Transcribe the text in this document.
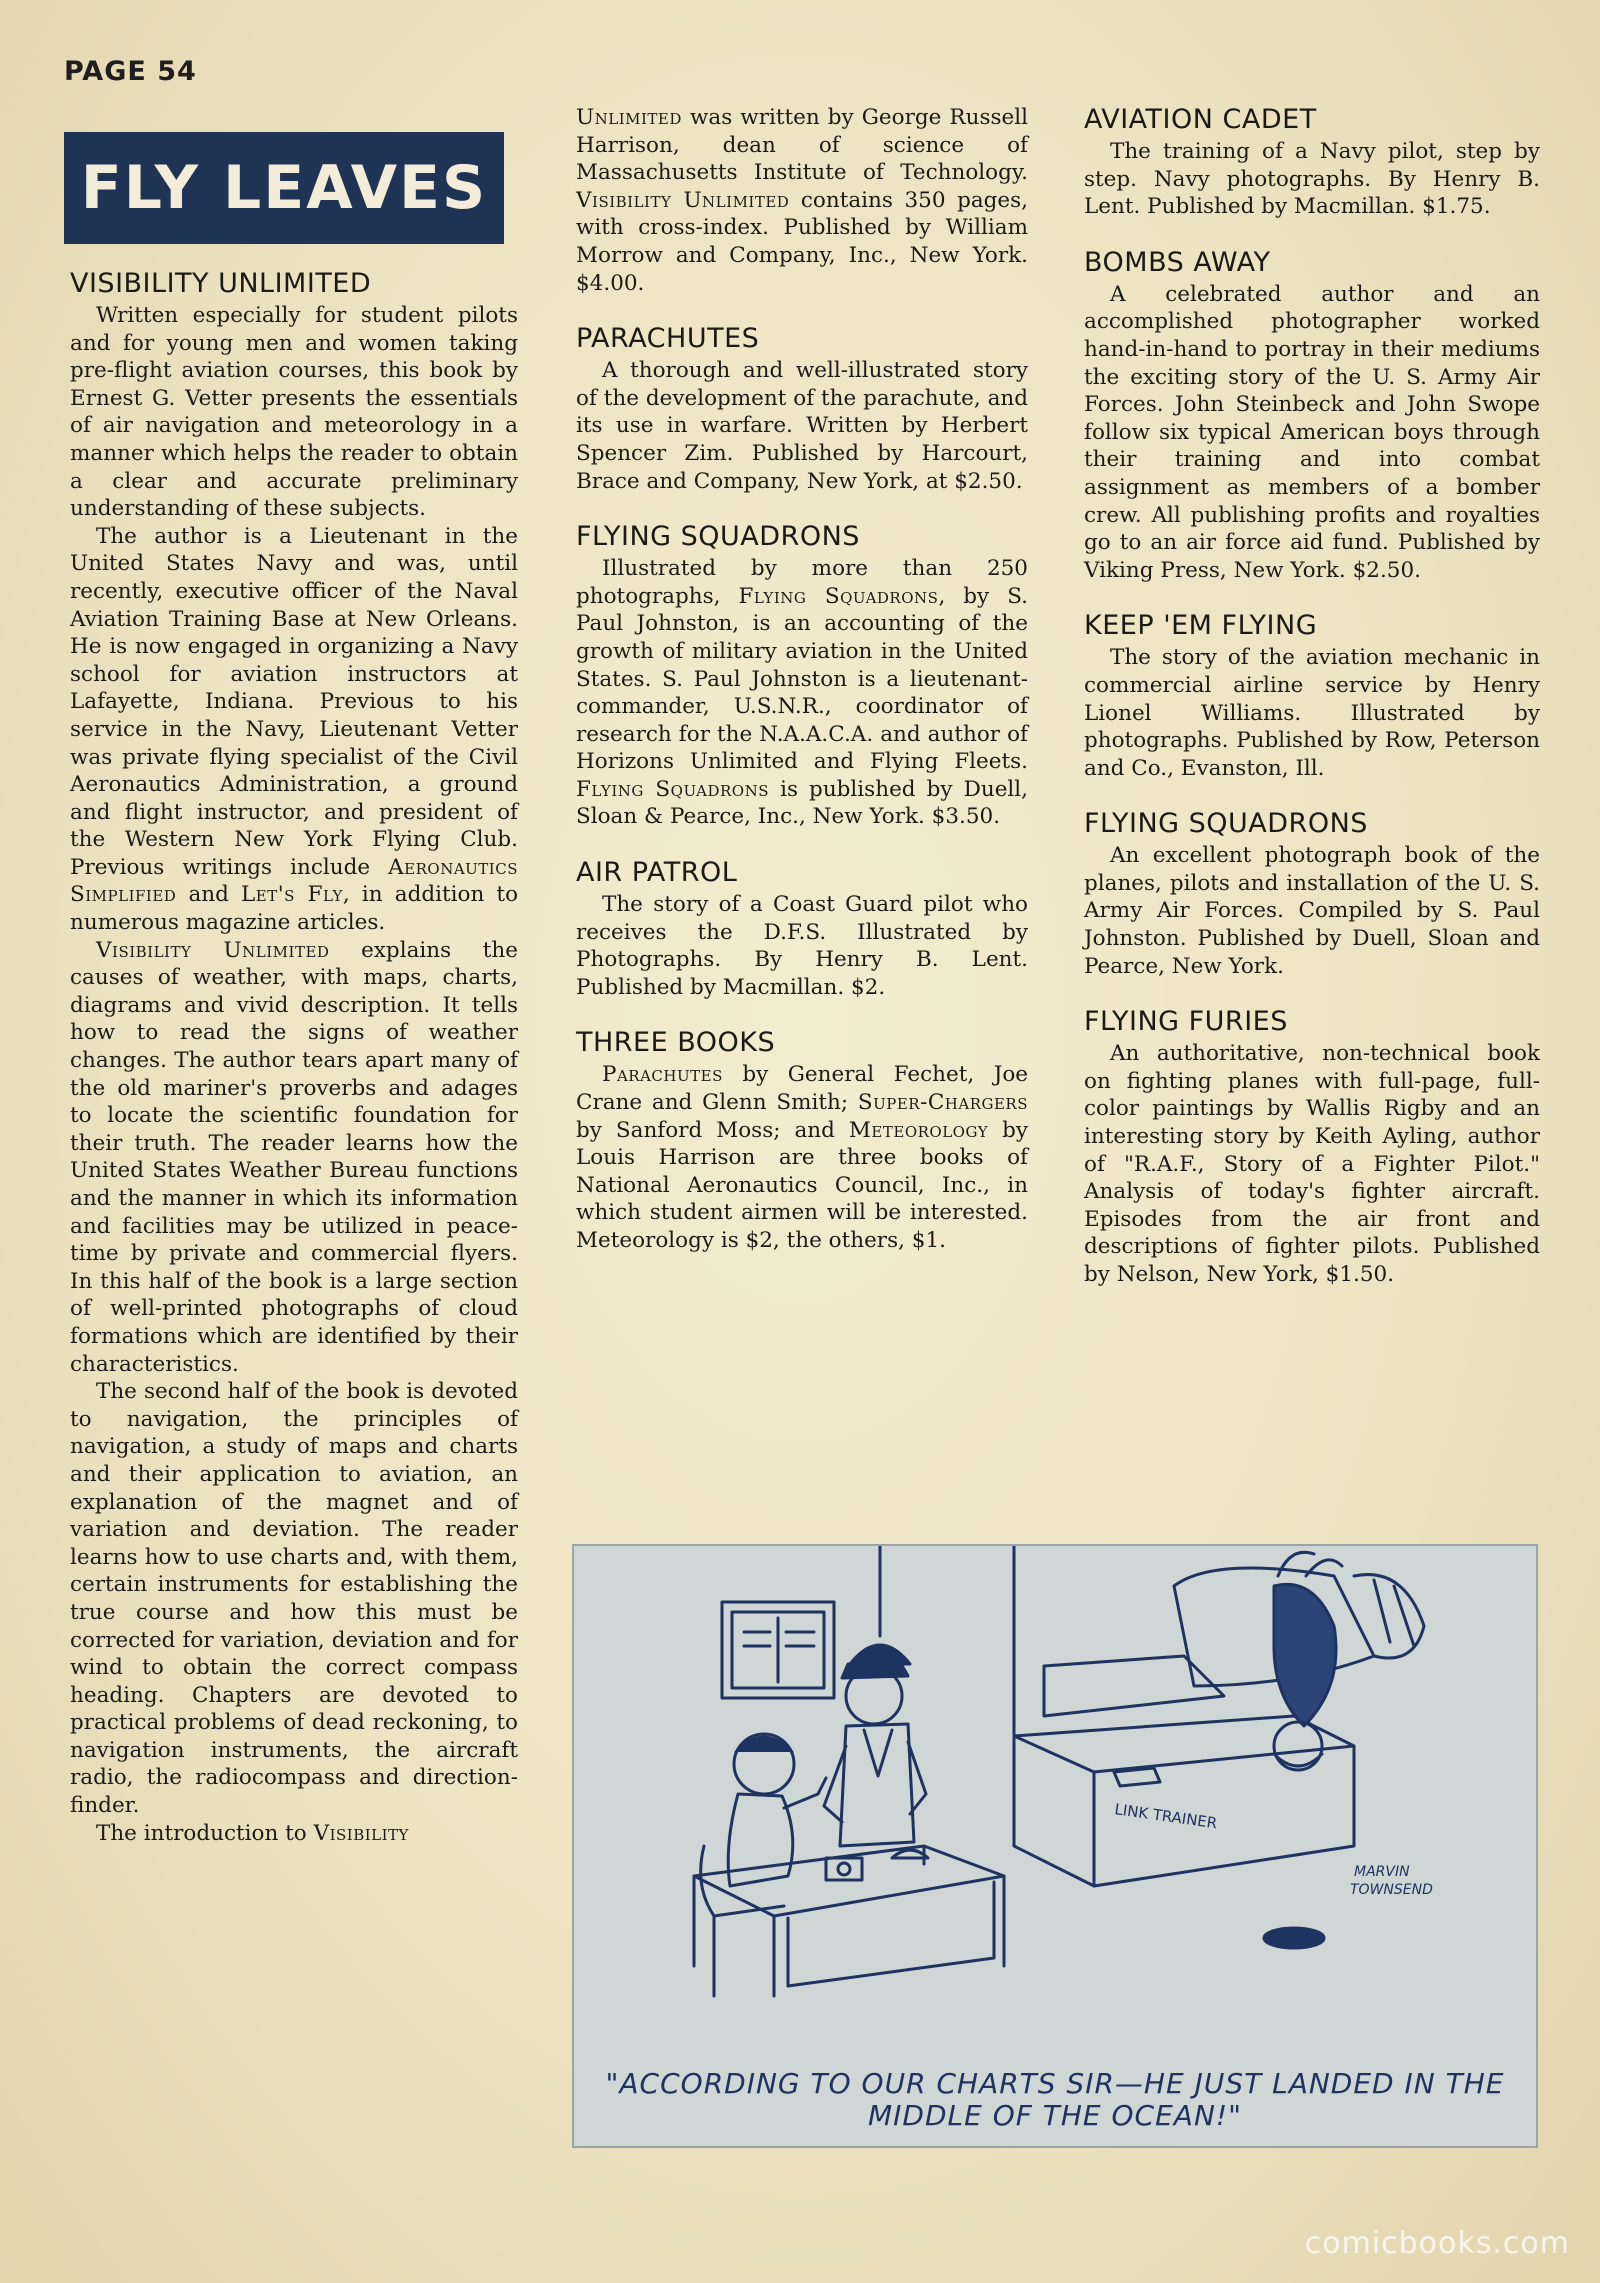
PAGE 54
FLY LEAVES
VISIBILITY UNLIMITED

Written especially for student pilots and for young men and women taking pre-flight aviation courses, this book by Ernest G. Vetter presents the essentials of air navigation and meteorology in a manner which helps the reader to obtain a clear and accurate preliminary understanding of these subjects.

The author is a Lieutenant in the United States Navy and was, until recently, executive officer of the Naval Aviation Training Base at New Orleans. He is now engaged in organizing a Navy school for aviation instructors at Lafayette, Indiana. Previous to his service in the Navy, Lieutenant Vetter was private flying specialist of the Civil Aeronautics Administration, a ground and flight instructor, and president of the Western New York Flying Club. Previous writings include Aeronautics Simplified and Let's Fly, in addition to numerous magazine articles.

Visibility Unlimited explains the causes of weather, with maps, charts, diagrams and vivid description. It tells how to read the signs of weather changes. The author tears apart many of the old mariner's proverbs and adages to locate the scientific foundation for their truth. The reader learns how the United States Weather Bureau functions and the manner in which its information and facilities may be utilized in peace-time by private and commercial flyers. In this half of the book is a large section of well-printed photographs of cloud formations which are identified by their characteristics.

The second half of the book is devoted to navigation, the principles of navigation, a study of maps and charts and their application to aviation, an explanation of the magnet and of variation and deviation. The reader learns how to use charts and, with them, certain instruments for establishing the true course and how this must be corrected for variation, deviation and for wind to obtain the correct compass heading. Chapters are devoted to practical problems of dead reckoning, to navigation instruments, the aircraft radio, the radiocompass and direction-finder.

The introduction to Visibility

Unlimited was written by George Russell Harrison, dean of science of Massachusetts Institute of Technology. Visibility Unlimited contains 350 pages, with cross-index. Published by William Morrow and Company, Inc., New York. $4.00.

PARACHUTES

A thorough and well-illustrated story of the development of the parachute, and its use in warfare. Written by Herbert Spencer Zim. Published by Harcourt, Brace and Company, New York, at $2.50.

FLYING SQUADRONS

Illustrated by more than 250 photographs, Flying Squadrons, by S. Paul Johnston, is an accounting of the growth of military aviation in the United States. S. Paul Johnston is a lieutenant-commander, U.S.N.R., coordinator of research for the N.A.A.C.A. and author of Horizons Unlimited and Flying Fleets. Flying Squadrons is published by Duell, Sloan & Pearce, Inc., New York. $3.50.

AIR PATROL

The story of a Coast Guard pilot who receives the D.F.S. Illustrated by Photographs. By Henry B. Lent. Published by Macmillan. $2.

THREE BOOKS

Parachutes by General Fechet, Joe Crane and Glenn Smith; Super-Chargers by Sanford Moss; and Meteorology by Louis Harrison are three books of National Aeronautics Council, Inc., in which student airmen will be interested. Meteorology is $2, the others, $1.

AVIATION CADET

The training of a Navy pilot, step by step. Navy photographs. By Henry B. Lent. Published by Macmillan. $1.75.

BOMBS AWAY

A celebrated author and an accomplished photographer worked hand-in-hand to portray in their mediums the exciting story of the U. S. Army Air Forces. John Steinbeck and John Swope follow six typical American boys through their training and into combat assignment as members of a bomber crew. All publishing profits and royalties go to an air force aid fund. Published by Viking Press, New York. $2.50.

KEEP 'EM FLYING

The story of the aviation mechanic in commercial airline service by Henry Lionel Williams. Illustrated by photographs. Published by Row, Peterson and Co., Evanston, Ill.

FLYING SQUADRONS

An excellent photograph book of the planes, pilots and installation of the U. S. Army Air Forces. Compiled by S. Paul Johnston. Published by Duell, Sloan and Pearce, New York.

FLYING FURIES

An authoritative, non-technical book on fighting planes with full-page, full-color paintings by Wallis Rigby and an interesting story by Keith Ayling, author of "R.A.F., Story of a Fighter Pilot." Analysis of today's fighter aircraft. Episodes from the air front and descriptions of fighter pilots. Published by Nelson, New York, $1.50.

LINK TRAINER
MARVIN
TOWNSEND
"ACCORDING TO OUR CHARTS SIR—HE JUST LANDED IN THE
MIDDLE OF THE OCEAN!"
comicbooks.com
